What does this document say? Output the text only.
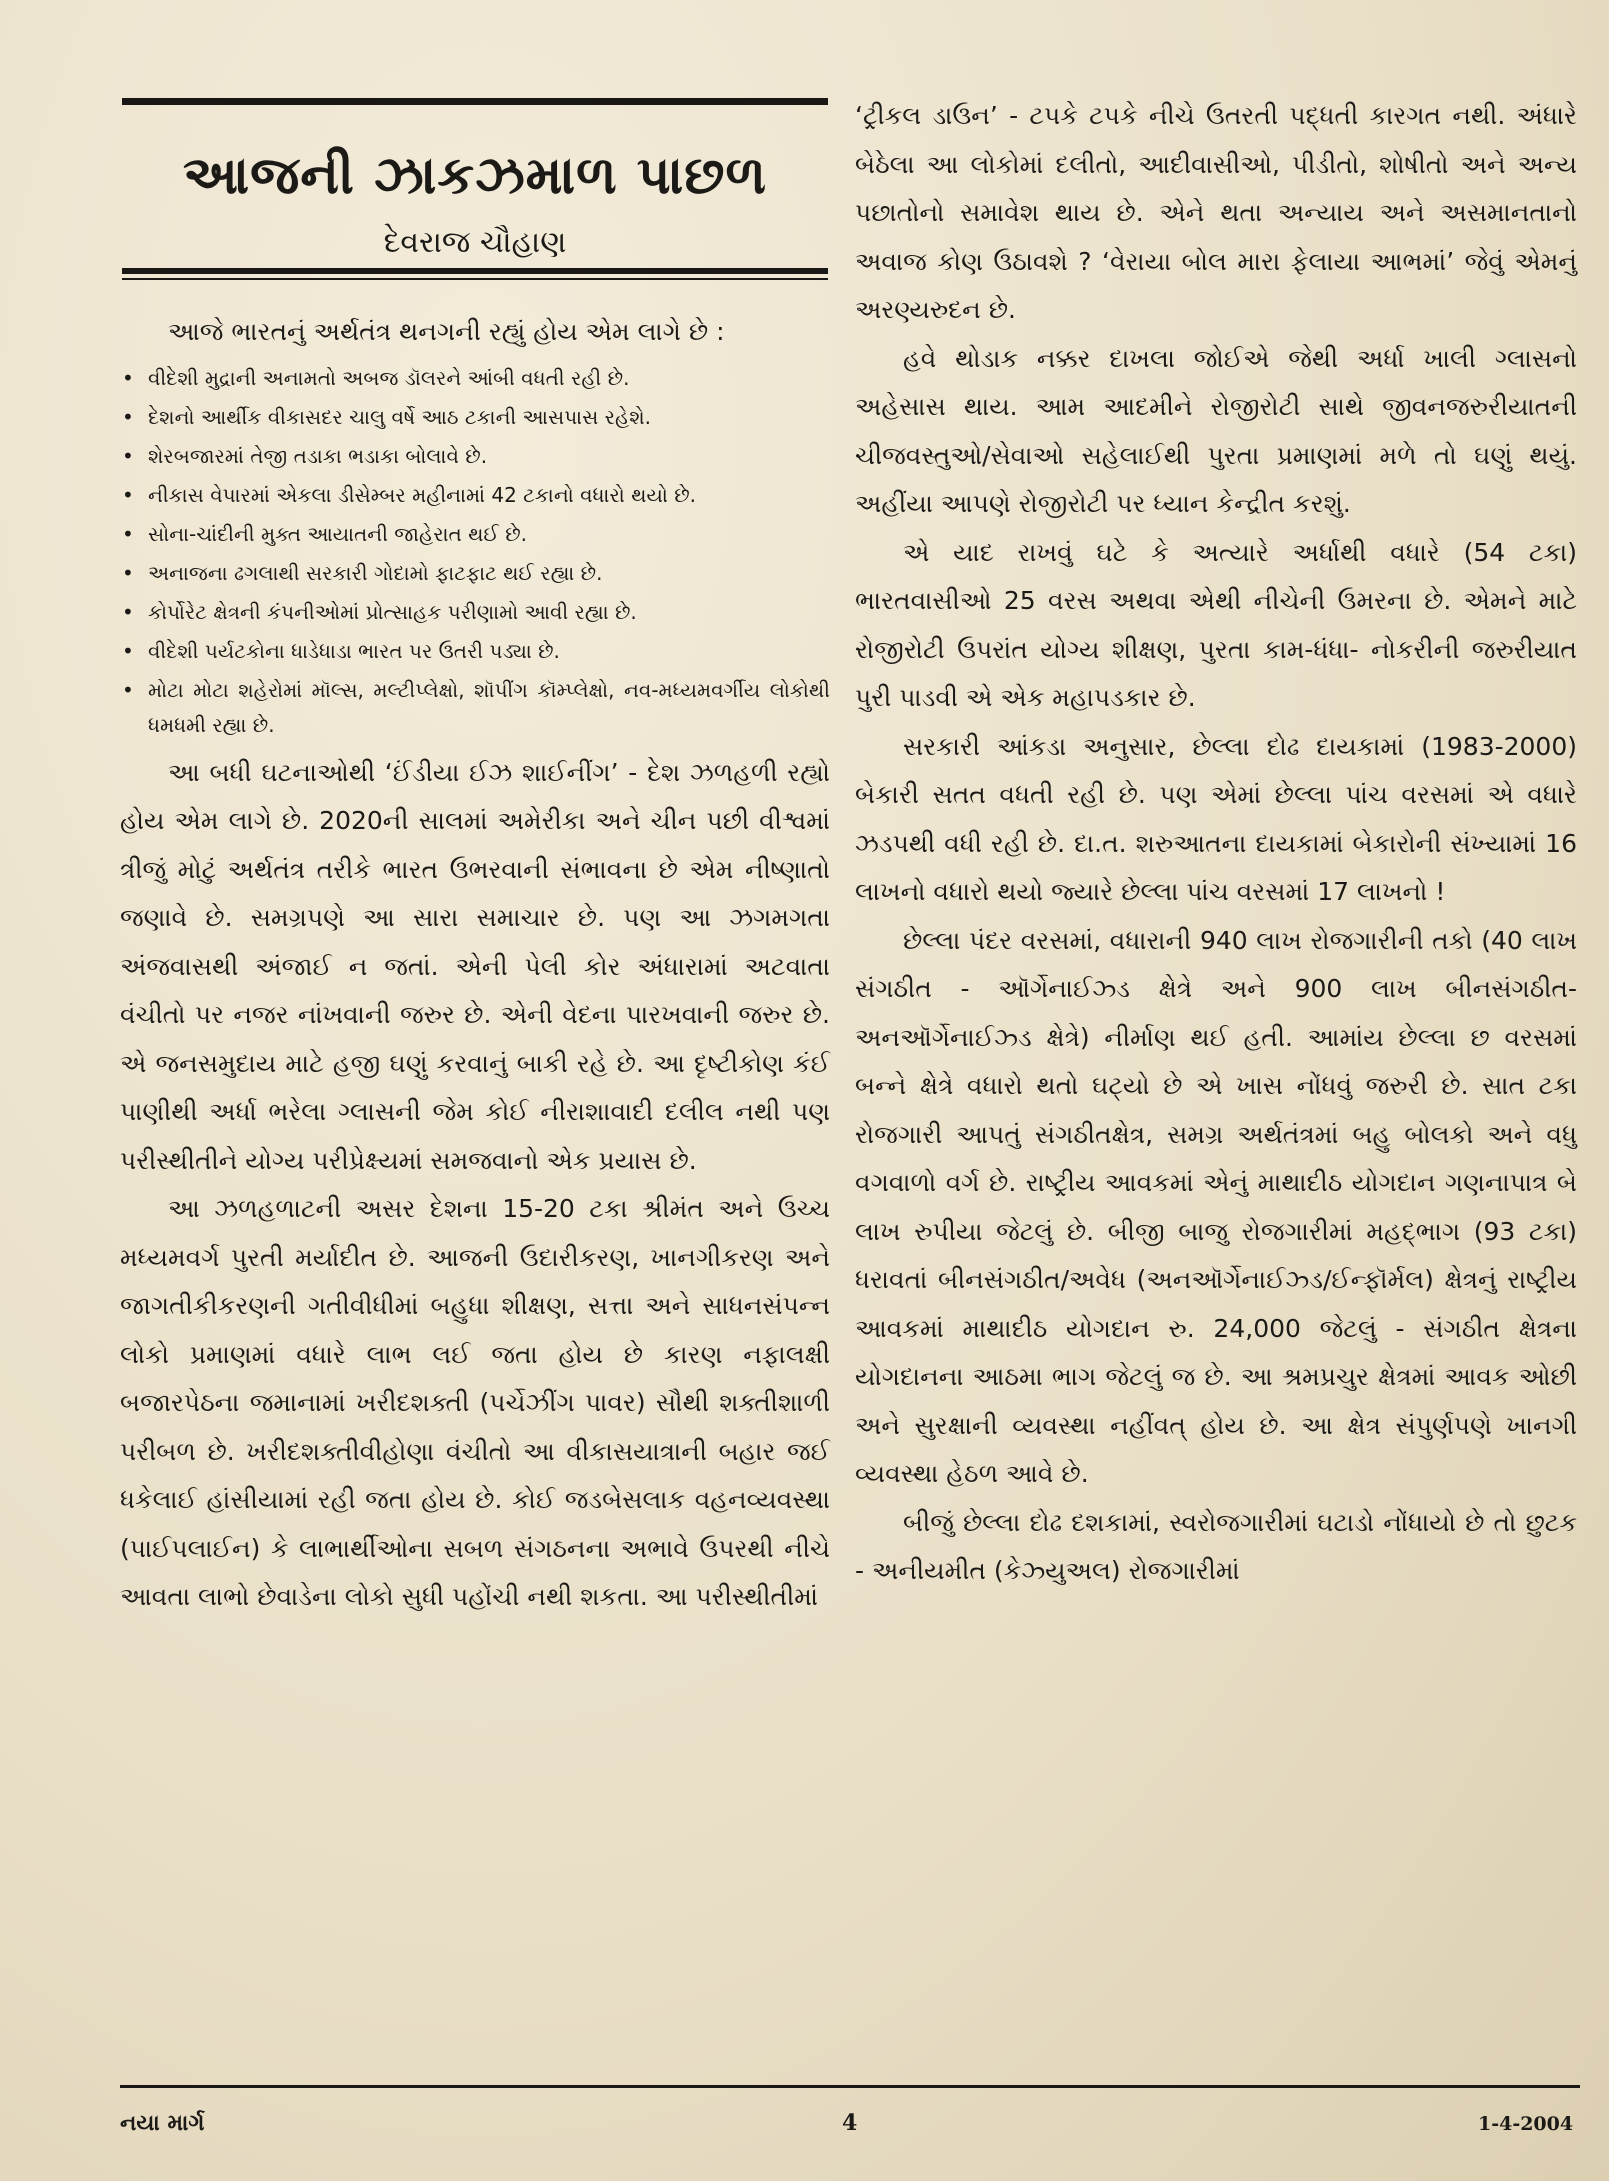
આજની ઝાકઝમાળ પાછળ
દેવરાજ ચૌહાણ

આજે ભારતનું અર્થતંત્ર થનગની રહ્યું હોય એમ લાગે છે :

• વીદેશી મુદ્રાની અનામતો અબજ ડૉલરને આંબી વધતી રહી છે.
• દેશનો આર્થીક વીકાસદર ચાલુ વર્ષે આઠ ટકાની આસપાસ રહેશે.
• શેરબજારમાં તેજી તડાકા ભડાકા બોલાવે છે.
• નીકાસ વેપારમાં એકલા ડીસેમ્બર મહીનામાં 42 ટકાનો વધારો થયો છે.
• સોના-ચાંદીની મુક્ત આયાતની જાહેરાત થઈ છે.
• અનાજના ઢગલાથી સરકારી ગોદામો ફાટફાટ થઈ રહ્યા છે.
• કોર્પોરેટ ક્ષેત્રની કંપનીઓમાં પ્રોત્સાહક પરીણામો આવી રહ્યા છે.
• વીદેશી પર્યટકોના ધાડેધાડા ભારત પર ઉતરી પડ્યા છે.
• મોટા મોટા શહેરોમાં મૉલ્સ, મલ્ટીપ્લેક્ષો, શૉપીંગ કૉમ્પ્લેક્ષો, નવ-મધ્યમવર્ગીય લોકોથી ધમધમી રહ્યા છે.

આ બધી ઘટનાઓથી ‘ઈંડીયા ઈઝ શાઈનીંગ’ - દેશ ઝળહળી રહ્યો હોય એમ લાગે છે. 2020ની સાલમાં અમેરીકા અને ચીન પછી વીશ્વમાં ત્રીજું મોટું અર્થતંત્ર તરીકે ભારત ઉભરવાની સંભાવના છે એમ નીષ્ણાતો જણાવે છે. સમગ્રપણે આ સારા સમાચાર છે. પણ આ ઝગમગતા અંજવાસથી અંજાઈ ન જતાં. એની પેલી કોર અંધારામાં અટવાતા વંચીતો પર નજર નાંખવાની જરુર છે. એની વેદના પારખવાની જરુર છે. એ જનસમુદાય માટે હજી ઘણું કરવાનું બાકી રહે છે. આ દૃષ્ટીકોણ કંઈ પાણીથી અર્ધા ભરેલા ગ્લાસની જેમ કોઈ નીરાશાવાદી દલીલ નથી પણ પરીસ્થીતીને યોગ્ય પરીપ્રેક્ષ્યમાં સમજવાનો એક પ્રયાસ છે.

આ ઝળહળાટની અસર દેશના 15-20 ટકા શ્રીમંત અને ઉચ્ચ મધ્યમવર્ગ પુરતી મર્યાદીત છે. આજની ઉદારીકરણ, ખાનગીકરણ અને જાગતીકીકરણની ગતીવીધીમાં બહુધા શીક્ષણ, સત્તા અને સાધનસંપન્ન લોકો પ્રમાણમાં વધારે લાભ લઈ જતા હોય છે કારણ નફાલક્ષી બજારપેઠના જમાનામાં ખરીદશક્તી (પર્ચેઝીંગ પાવર) સૌથી શક્તીશાળી પરીબળ છે. ખરીદશક્તીવીહોણા વંચીતો આ વીકાસયાત્રાની બહાર જઈ ધકેલાઈ હાંસીયામાં રહી જતા હોય છે. કોઈ જડબેસલાક વહનવ્યવસ્થા (પાઈપલાઈન) કે લાભાર્થીઓના સબળ સંગઠનના અભાવે ઉપરથી નીચે આવતા લાભો છેવાડેના લોકો સુધી પહોંચી નથી શકતા. આ પરીસ્થીતીમાં

‘ટ્રીકલ ડાઉન’ - ટપકે ટપકે નીચે ઉતરતી પદ્ધતી કારગત નથી. અંધારે બેઠેલા આ લોકોમાં દલીતો, આદીવાસીઓ, પીડીતો, શોષીતો અને અન્ય પછાતોનો સમાવેશ થાય છે. એને થતા અન્યાય અને અસમાનતાનો અવાજ કોણ ઉઠાવશે ? ‘વેરાયા બોલ મારા ફેલાયા આભમાં’ જેવું એમનું અરણ્યરુદન છે.

હવે થોડાક નક્કર દાખલા જોઈએ જેથી અર્ધા ખાલી ગ્લાસનો અહેસાસ થાય. આમ આદમીને રોજીરોટી સાથે જીવનજરુરીયાતની ચીજવસ્તુઓ/સેવાઓ સહેલાઈથી પુરતા પ્રમાણમાં મળે તો ઘણું થયું. અહીંયા આપણે રોજીરોટી પર ધ્યાન કેન્દ્રીત કરશું.

એ યાદ રાખવું ઘટે કે અત્યારે અર્ધાથી વધારે (54 ટકા) ભારતવાસીઓ 25 વરસ અથવા એથી નીચેની ઉમરના છે. એમને માટે રોજીરોટી ઉપરાંત યોગ્ય શીક્ષણ, પુરતા કામ-ધંધા- નોકરીની જરુરીયાત પુરી પાડવી એ એક મહાપડકાર છે.

સરકારી આંકડા અનુસાર, છેલ્લા દોઢ દાયકામાં (1983-2000) બેકારી સતત વધતી રહી છે. પણ એમાં છેલ્લા પાંચ વરસમાં એ વધારે ઝડપથી વધી રહી છે. દા.ત. શરુઆતના દાયકામાં બેકારોની સંખ્યામાં 16 લાખનો વધારો થયો જ્યારે છેલ્લા પાંચ વરસમાં 17 લાખનો !

છેલ્લા પંદર વરસમાં, વધારાની 940 લાખ રોજગારીની તકો (40 લાખ સંગઠીત - ઑર્ગેનાઈઝ્ડ ક્ષેત્રે અને 900 લાખ બીનસંગઠીત-અનઑર્ગેનાઈઝ્ડ ક્ષેત્રે) નીર્માણ થઈ હતી. આમાંય છેલ્લા છ વરસમાં બન્ને ક્ષેત્રે વધારો થતો ઘટ્યો છે એ ખાસ નોંધવું જરુરી છે. સાત ટકા રોજગારી આપતું સંગઠીતક્ષેત્ર, સમગ્ર અર્થતંત્રમાં બહુ બોલકો અને વધુ વગવાળો વર્ગ છે. રાષ્ટ્રીય આવકમાં એનું માથાદીઠ યોગદાન ગણનાપાત્ર બે લાખ રુપીયા જેટલું છે. બીજી બાજુ રોજગારીમાં મહદ્ભાગ (93 ટકા) ધરાવતાં બીનસંગઠીત/અવેધ (અનઑર્ગેનાઈઝ્ડ/ઈન્ફૉર્મલ) ક્ષેત્રનું રાષ્ટ્રીય આવકમાં માથાદીઠ યોગદાન રુ. 24,000 જેટલું - સંગઠીત ક્ષેત્રના યોગદાનના આઠમા ભાગ જેટલું જ છે. આ શ્રમપ્રચુર ક્ષેત્રમાં આવક ઓછી અને સુરક્ષાની વ્યવસ્થા નહીંવત્ હોય છે. આ ક્ષેત્ર સંપુર્ણપણે ખાનગી વ્યવસ્થા હેઠળ આવે છે.

બીજું છેલ્લા દોઢ દશકામાં, સ્વરોજગારીમાં ઘટાડો નોંધાયો છે તો છુટક - અનીયમીત (કેઝ્યુઅલ) રોજગારીમાં

નયા માર્ગ	4	1-4-2004
